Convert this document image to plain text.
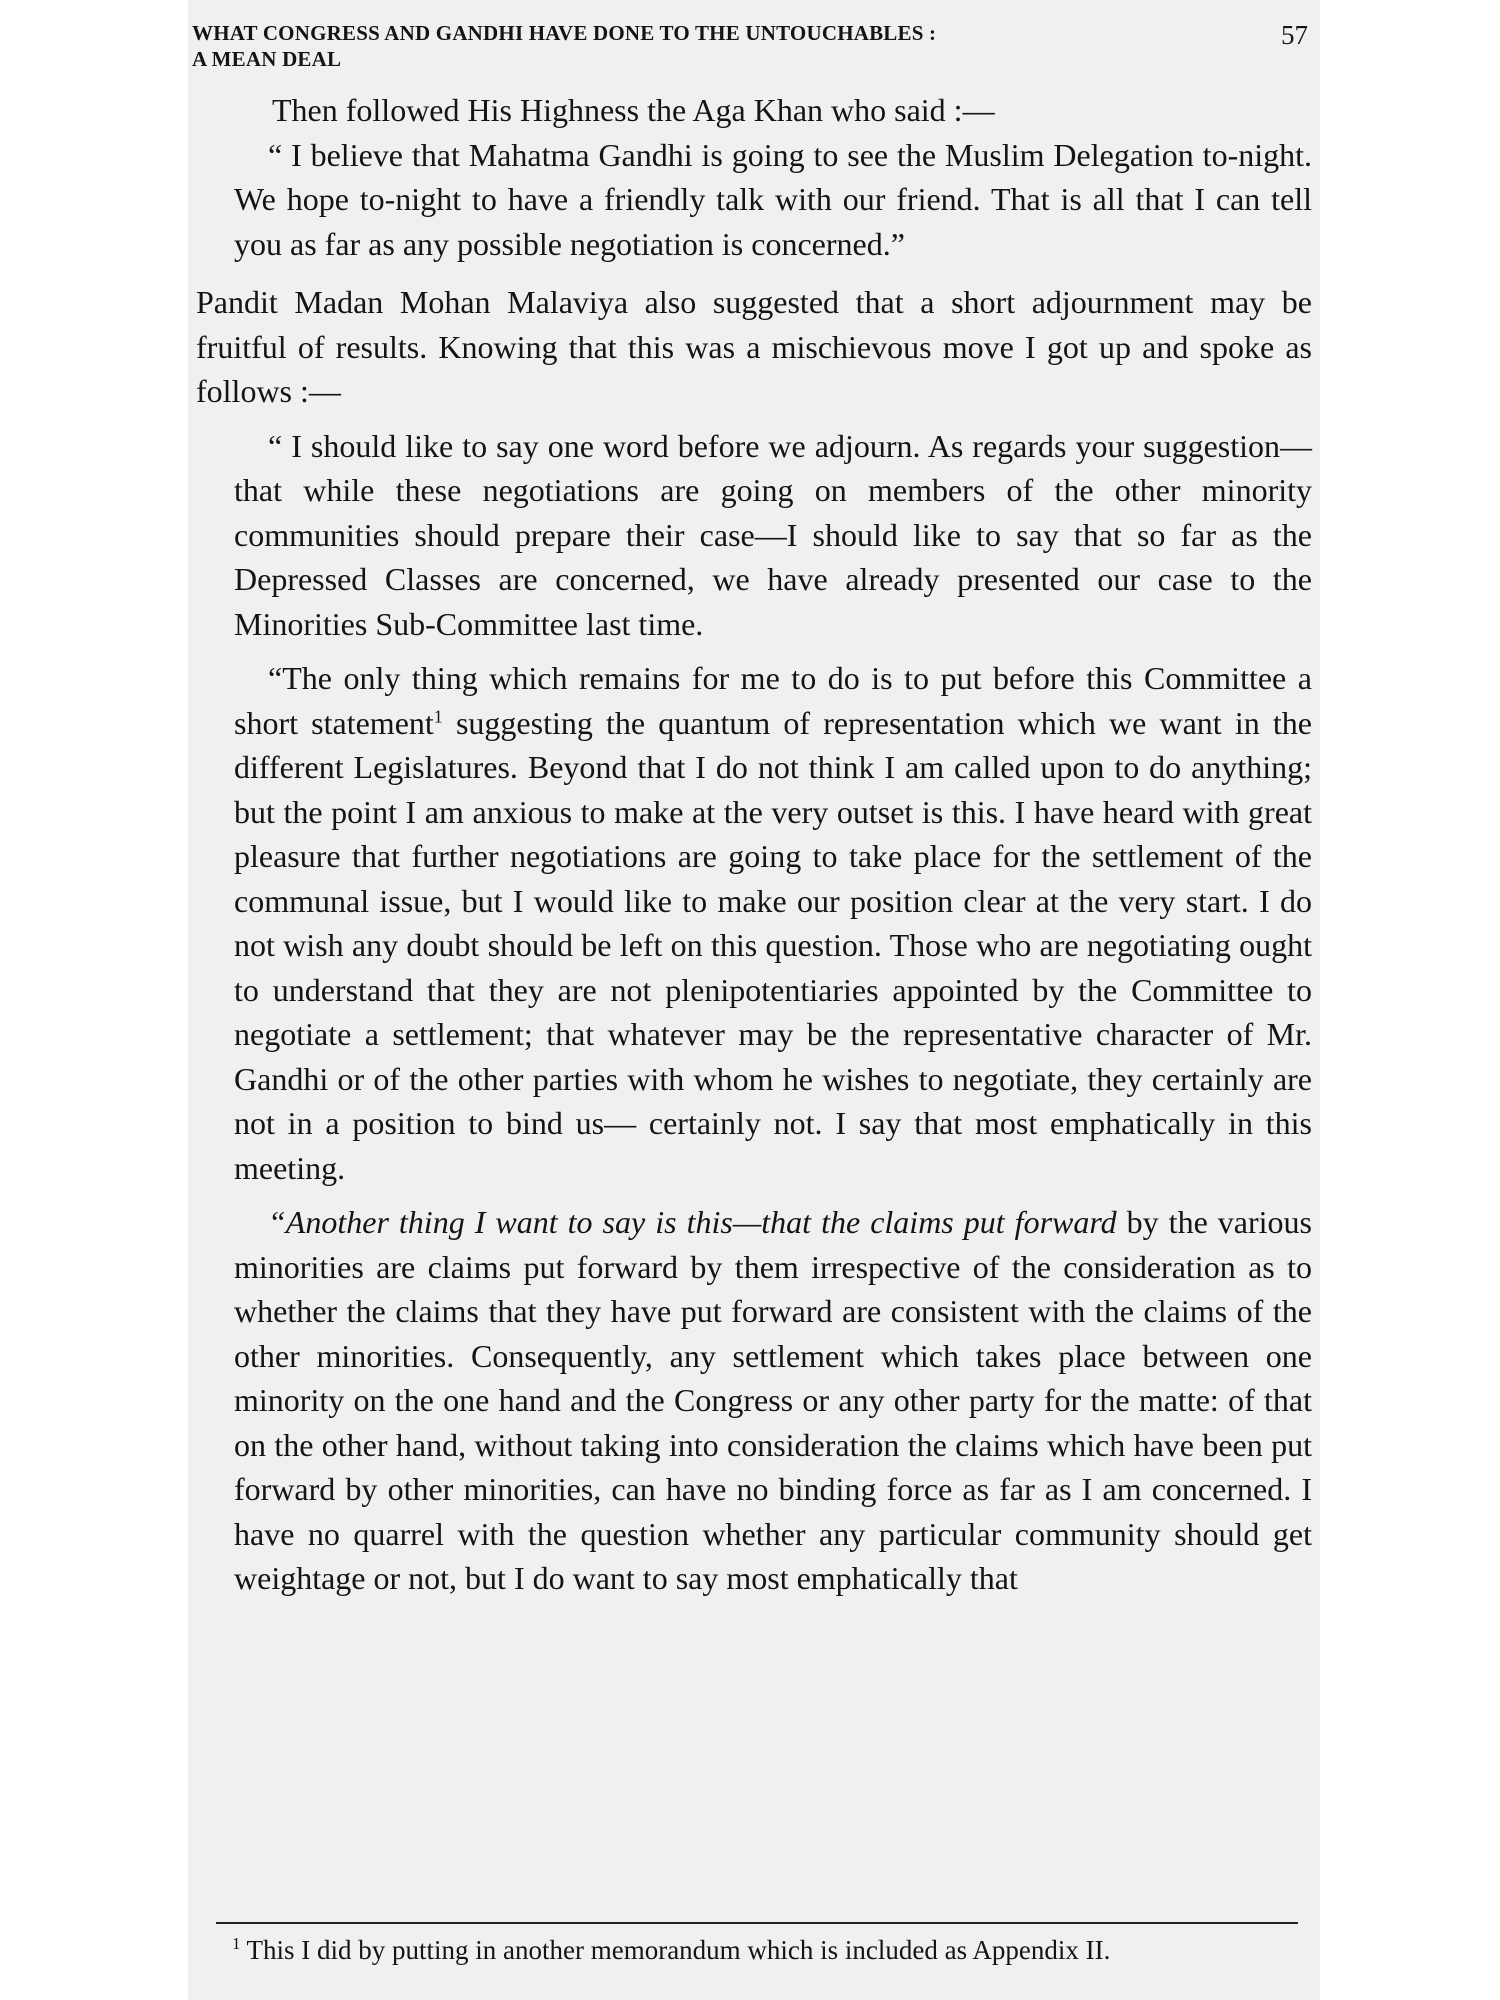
WHAT CONGRESS AND GANDHI HAVE DONE TO THE UNTOUCHABLES :
A MEAN DEAL
57

Then followed His Highness the Aga Khan who said :—

“ I believe that Mahatma Gandhi is going to see the Muslim Delegation to-night. We hope to-night to have a friendly talk with our friend. That is all that I can tell you as far as any possible negotiation is concerned.”

Pandit Madan Mohan Malaviya also suggested that a short adjournment may be fruitful of results. Knowing that this was a mischievous move I got up and spoke as follows :—

“ I should like to say one word before we adjourn. As regards your suggestion—that while these negotiations are going on members of the other minority communities should prepare their case—I should like to say that so far as the Depressed Classes are concerned, we have already presented our case to the Minorities Sub-Committee last time.

“The only thing which remains for me to do is to put before this Committee a short statement$^1$ suggesting the quantum of representation which we want in the different Legislatures. Beyond that I do not think I am called upon to do anything; but the point I am anxious to make at the very outset is this. I have heard with great pleasure that further negotiations are going to take place for the settlement of the communal issue, but I would like to make our position clear at the very start. I do not wish any doubt should be left on this question. Those who are negotiating ought to understand that they are not plenipotentiaries appointed by the Committee to negotiate a settlement; that whatever may be the representative character of Mr. Gandhi or of the other parties with whom he wishes to negotiate, they certainly are not in a position to bind us— certainly not. I say that most emphatically in this meeting.

“Another thing I want to say is this—that the claims put forward by the various minorities are claims put forward by them irrespective of the consideration as to whether the claims that they have put forward are consistent with the claims of the other minorities. Consequently, any settlement which takes place between one minority on the one hand and the Congress or any other party for the matte: of that on the other hand, without taking into consideration the claims which have been put forward by other minorities, can have no binding force as far as I am concerned. I have no quarrel with the question whether any particular community should get weightage or not, but I do want to say most emphatically that

$^1$ This I did by putting in another memorandum which is included as Appendix II.
